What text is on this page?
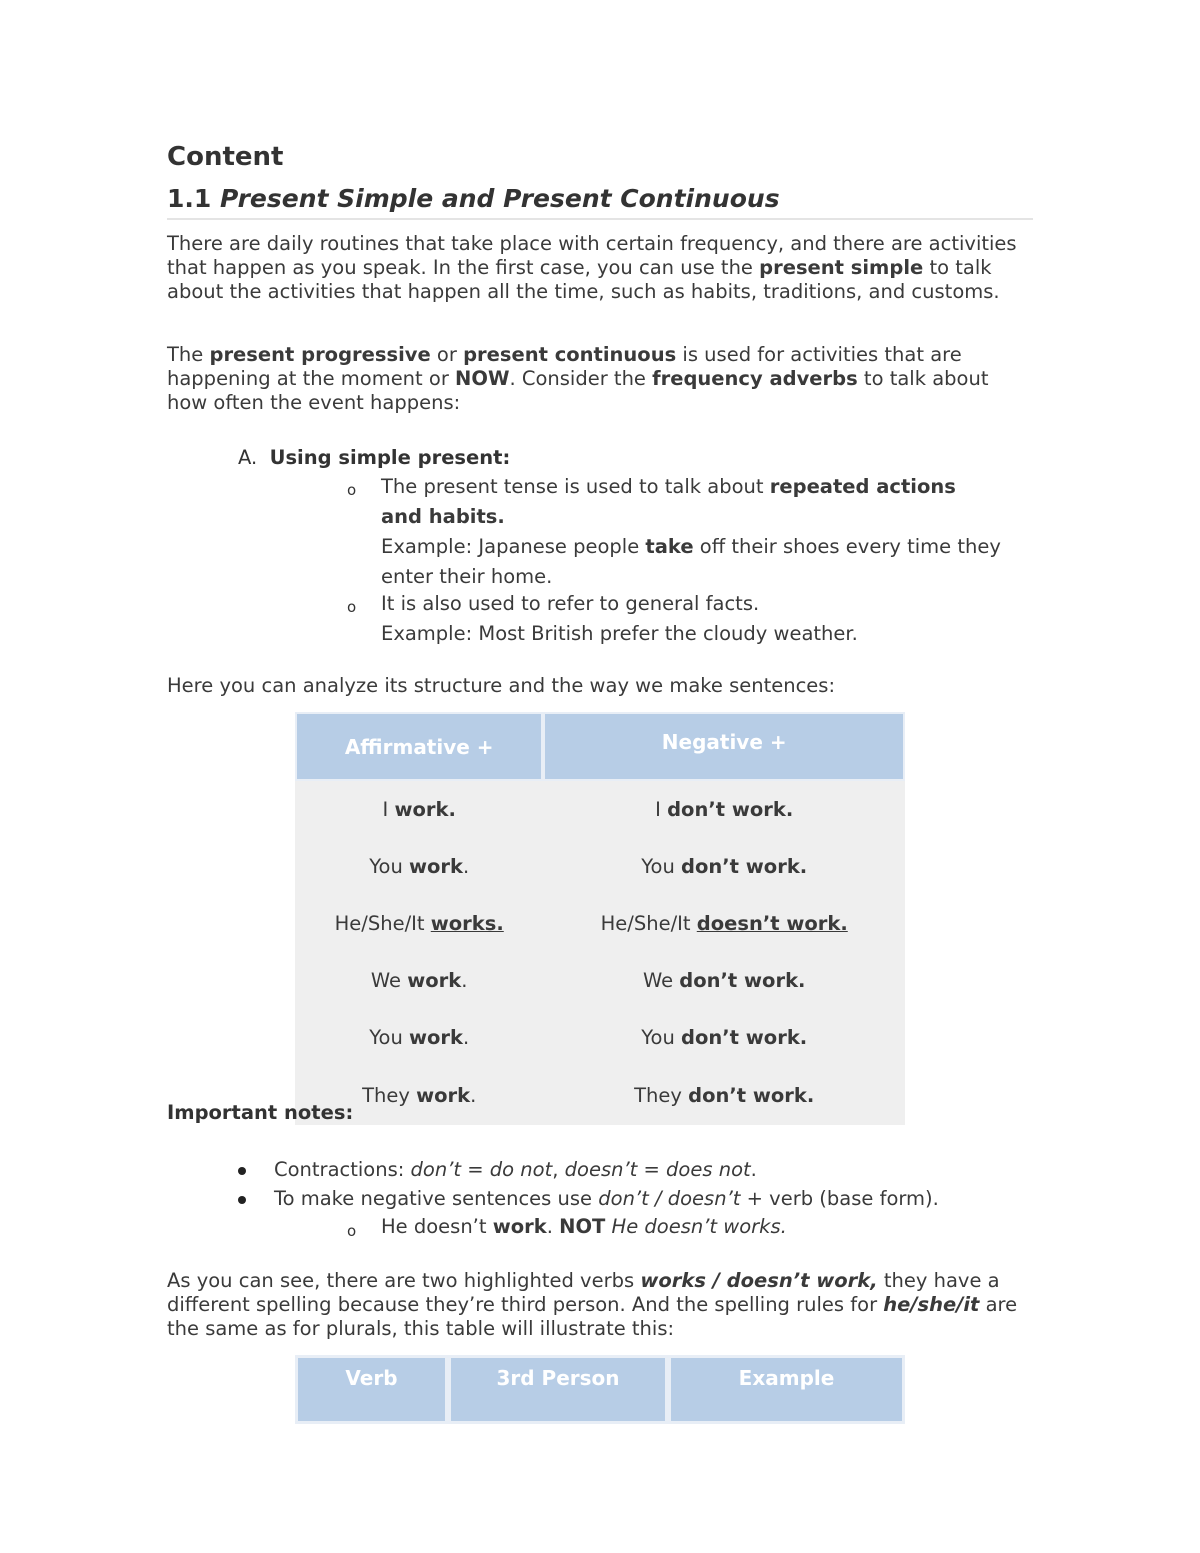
Content
1.1 Present Simple and Present Continuous
There are daily routines that take place with certain frequency, and there are activities that happen as you speak. In the first case, you can use the present simple to talk about the activities that happen all the time, such as habits, traditions, and customs.
The present progressive or present continuous is used for activities that are happening at the moment or NOW. Consider the frequency adverbs to talk about how often the event happens:
A. Using simple present:
o The present tense is used to talk about repeated actions and habits.
Example: Japanese people take off their shoes every time they enter their home.
o It is also used to refer to general facts.
Example: Most British prefer the cloudy weather.
Here you can analyze its structure and the way we make sentences:
Affirmative +	Negative +
I work.	I don’t work.
You work.	You don’t work.
He/She/It works.	He/She/It doesn’t work.
We work.	We don’t work.
You work.	You don’t work.
They work.	They don’t work.
Important notes:
Contractions: don’t = do not, doesn’t = does not.
To make negative sentences use don’t / doesn’t + verb (base form).
o He doesn’t work. NOT He doesn’t works.
As you can see, there are two highlighted verbs works / doesn’t work, they have a different spelling because they’re third person. And the spelling rules for he/she/it are the same as for plurals, this table will illustrate this:
Verb	3rd Person	Example
